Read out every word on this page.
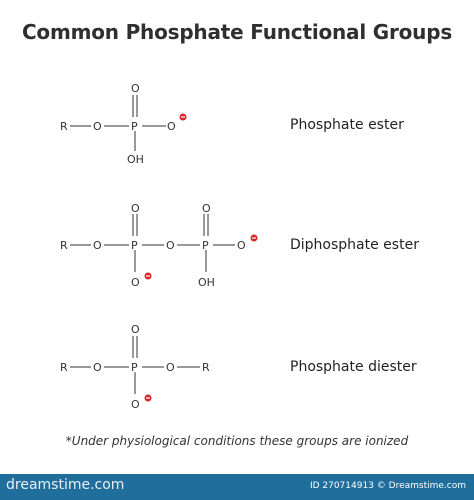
Common Phosphate Functional Groups
R O	P	O
O
OH
R O	P	O P	O
O
O
O
OH
R O	P	O R
O
O
Phosphate ester
Diphosphate ester
Phosphate diester
*Under physiological conditions these groups are ionized
dreamstime.com	ID 270714913 © Dreamstime.com
